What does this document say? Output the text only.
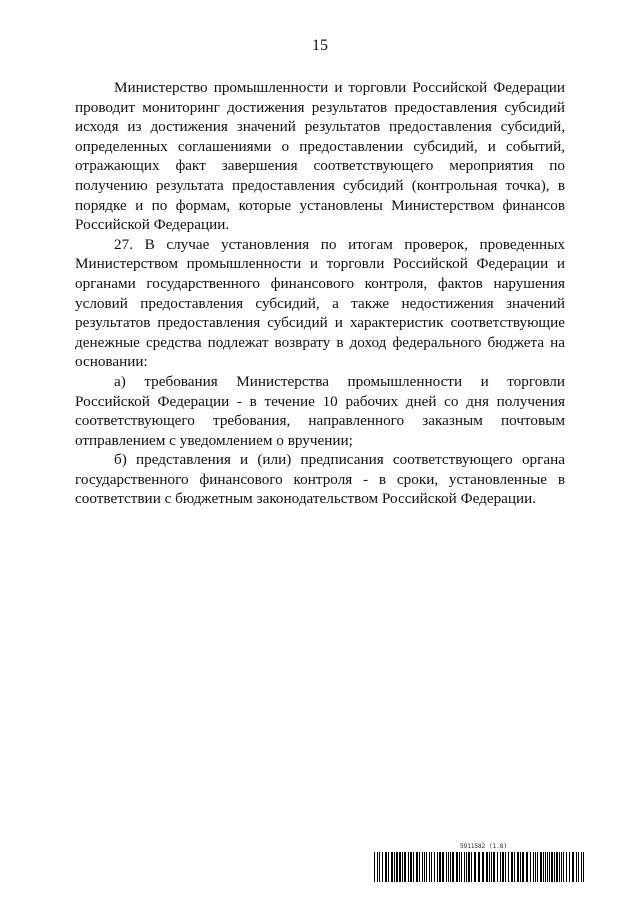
15

Министерство промышленности и торговли Российской Федерации проводит мониторинг достижения результатов предоставления субсидий исходя из достижения значений результатов предоставления субсидий, определенных соглашениями о предоставлении субсидий, и событий, отражающих факт завершения соответствующего мероприятия по получению результата предоставления субсидий (контрольная точка), в порядке и по формам, которые установлены Министерством финансов Российской Федерации.

27. В случае установления по итогам проверок, проведенных Министерством промышленности и торговли Российской Федерации и органами государственного финансового контроля, фактов нарушения условий предоставления субсидий, а также недостижения значений результатов предоставления субсидий и характеристик соответствующие денежные средства подлежат возврату в доход федерального бюджета на основании:

а) требования Министерства промышленности и торговли Российской Федерации - в течение 10 рабочих дней со дня получения соответствующего требования, направленного заказным почтовым отправлением с уведомлением о вручении;

б) представления и (или) предписания соответствующего органа государственного финансового контроля - в сроки, установленные в соответствии с бюджетным законодательством Российской Федерации.

5911582 (1.8)
